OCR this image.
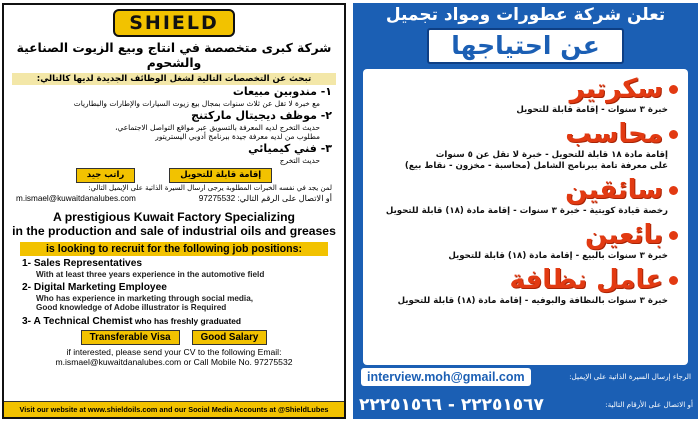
SHIELD
شركة كبرى متخصصة في انتاج وبيع الزيوت الصناعية والشحوم
تبحث عن التخصصات التالية لشغل الوظائف الجديدة لديها كالتالي:
١- مندوبين مبيعات
مع خبرة لا تقل عن ثلاث سنوات بمجال بيع زيوت السيارات والإطارات والبطاريات
٢- موظف ديجيتال ماركتنج
حديث التخرج لديه المعرفة بالتسويق عبر مواقع التواصل الاجتماعي،
مطلوب من لديه معرفة جيدة ببرنامج أدوبي اليستريتور
٣- فني كيميائي
حديث التخرج
إقامة قابلة للتحويل
راتب جيد
لمن يجد في نفسه الخبرات المطلوبة يرجى ارسال السيرة الذاتية على الإيميل التالي:
m.ismael@kuwaitdanalubes.com	97275532 :أو الاتصال على الرقم التالي
A prestigious Kuwait Factory Specializing
in the production and sale of industrial oils and greases
is looking to recruit for the following job positions:
1- Sales Representatives
With at least three years experience in the automotive field
2- Digital Marketing Employee
Who has experience in marketing through social media,
Good knowledge of Adobe illustrator is Required
3- A Technical Chemist who has freshly graduated
Transferable Visa	Good Salary
if interested, please send your CV to the following Email:
m.ismael@kuwaitdanalubes.com or Call Mobile No. 97275532
Visit our website at www.shieldoils.com and our Social Media Accounts at @ShieldLubes
تعلن شركة عطورات ومواد تجميل
عن احتياجها
سكرتير
خبرة ٣ سنوات - إقامة قابلة للتحويل
محاسب
إقامة مادة ١٨ قابلة للتحويل - خبرة لا تقل عن ٥ سنوات
على معرفة تامة ببرنامج الشامل (محاسبة - مخزون - نقاط بيع)
سائقين
رخصة قيادة كويتية - خبرة ٣ سنوات - إقامة مادة (١٨) قابلة للتحويل
بائعين
خبرة ٣ سنوات بالبيع - إقامة مادة (١٨) قابلة للتحويل
عامل نظافة
خبرة ٣ سنوات بالنظافة والبوفيه - إقامة مادة (١٨) قابلة للتحويل
interview.moh@gmail.com	الرجاء إرسال السيرة الذاتية على الإيميل:
أو الاتصال على الأرقام التالية:
٢٢٢٥١٥٦٧ - ٢٢٢٥١٥٦٦
